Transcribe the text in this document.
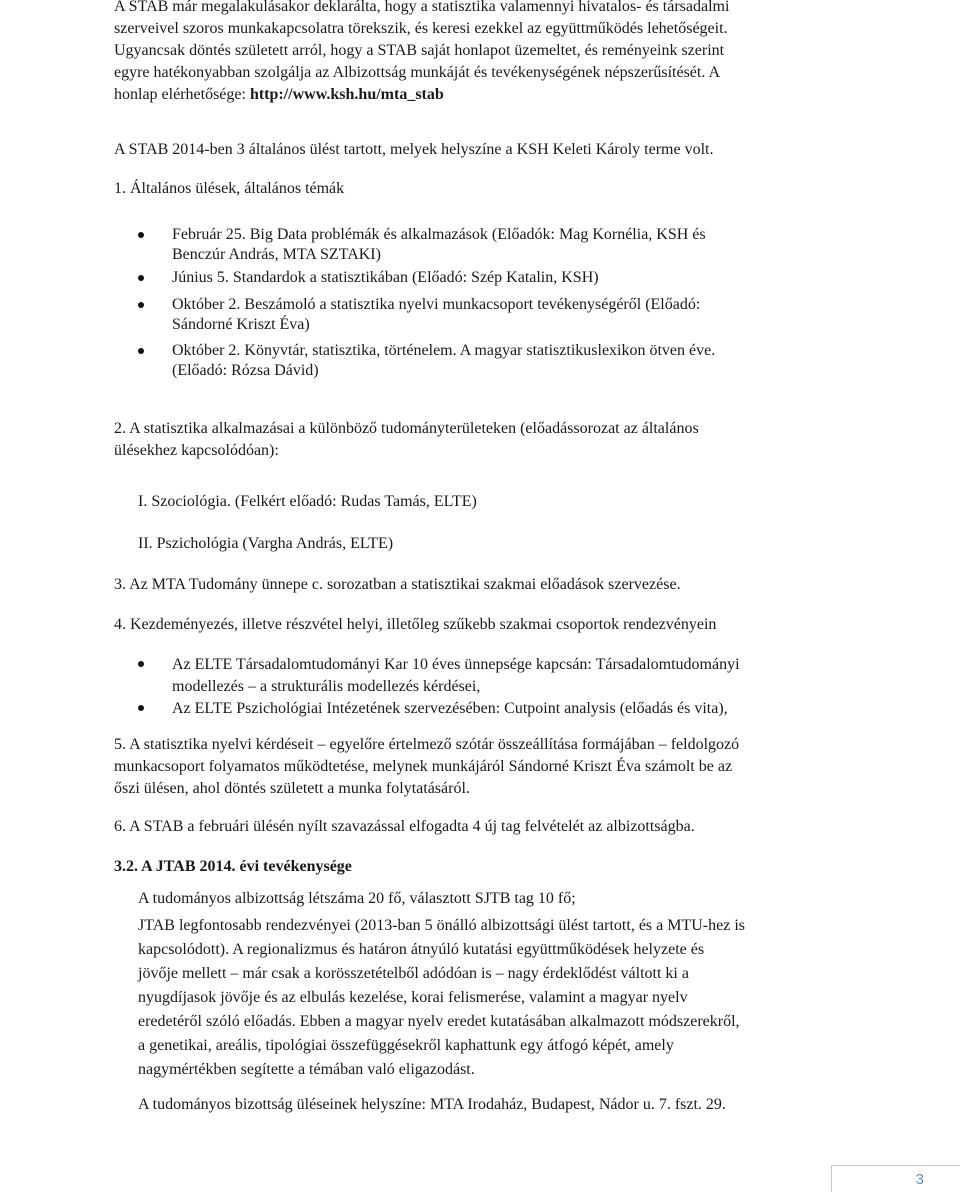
A STAB már megalakulásakor deklarálta, hogy a statisztika valamennyi hivatalos- és társadalmi

szerveivel szoros munkakapcsolatra törekszik, és keresi ezekkel az együttműködés lehetőségeit.

Ugyancsak döntés született arról, hogy a STAB saját honlapot üzemeltet, és reményeink szerint

egyre hatékonyabban szolgálja az Albizottság munkáját és tevékenységének népszerűsítését. A

honlap elérhetősége: http://www.ksh.hu/mta_stab

A STAB 2014-ben 3 általános ülést tartott, melyek helyszíne a KSH Keleti Károly terme volt.

1. Általános ülések, általános témák

Február 25. Big Data problémák és alkalmazások (Előadók: Mag Kornélia, KSH és
Benczúr András, MTA SZTAKI)
Június 5. Standardok a statisztikában (Előadó: Szép Katalin, KSH)
Október 2. Beszámoló a statisztika nyelvi munkacsoport tevékenységéről (Előadó:
Sándorné Kriszt Éva)
Október 2. Könyvtár, statisztika, történelem. A magyar statisztikuslexikon ötven éve.
(Előadó: Rózsa Dávid)

2. A statisztika alkalmazásai a különböző tudományterületeken (előadássorozat az általános

ülésekhez kapcsolódóan):

I. Szociológia. (Felkért előadó: Rudas Tamás, ELTE)

II. Pszichológia (Vargha András, ELTE)

3. Az MTA Tudomány ünnepe c. sorozatban a statisztikai szakmai előadások szervezése.

4. Kezdeményezés, illetve részvétel helyi, illetőleg szűkebb szakmai csoportok rendezvényein

Az ELTE Társadalomtudományi Kar 10 éves ünnepsége kapcsán: Társadalomtudományi
modellezés – a strukturális modellezés kérdései,
Az ELTE Pszichológiai Intézetének szervezésében: Cutpoint analysis (előadás és vita),

5. A statisztika nyelvi kérdéseit – egyelőre értelmező szótár összeállítása formájában – feldolgozó

munkacsoport folyamatos működtetése, melynek munkájáról Sándorné Kriszt Éva számolt be az

őszi ülésen, ahol döntés született a munka folytatásáról.

6. A STAB a februári ülésén nyílt szavazással elfogadta 4 új tag felvételét az albizottságba.

3.2. A JTAB 2014. évi tevékenysége

A tudományos albizottság létszáma 20 fő, választott SJTB tag 10 fő;

JTAB legfontosabb rendezvényei (2013-ban 5 önálló albizottsági ülést tartott, és a MTU-hez is

kapcsolódott). A regionalizmus és határon átnyúló kutatási együttműködések helyzete és

jövője mellett – már csak a korösszetételből adódóan is – nagy érdeklődést váltott ki a

nyugdíjasok jövője és az elbulás kezelése, korai felismerése, valamint a magyar nyelv

eredetéről szóló előadás. Ebben a magyar nyelv eredet kutatásában alkalmazott módszerekről,

a genetikai, areális, tipológiai összefüggésekről kaphattunk egy átfogó képét, amely

nagymértékben segítette a témában való eligazodást.

A tudományos bizottság üléseinek helyszíne: MTA Irodaház, Budapest, Nádor u. 7. fszt. 29.

3
